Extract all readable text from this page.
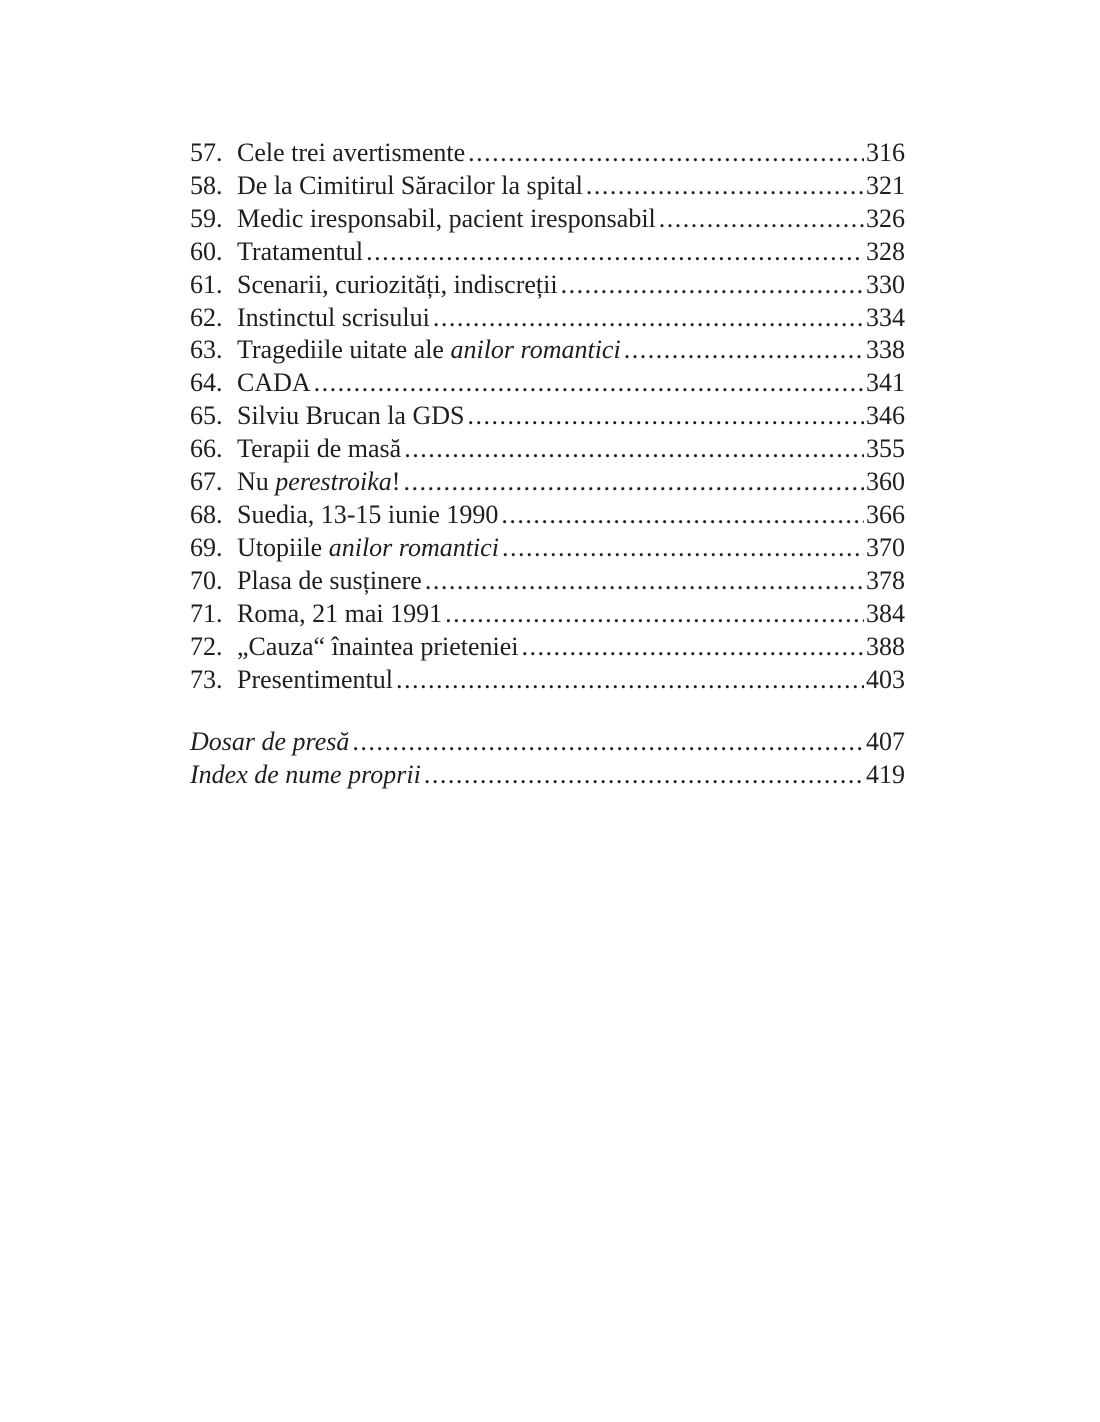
57. Cele trei avertismente .....	316
58. De la Cimitirul Săracilor la spital .....	321
59. Medic iresponsabil, pacient iresponsabil .....	326
60. Tratamentul .....	328
61. Scenarii, curiozități, indiscreții .....	330
62. Instinctul scrisului .....	334
63. Tragediile uitate ale anilor romantici .....	338
64. CADA .....	341
65. Silviu Brucan la GDS .....	346
66. Terapii de masă .....	355
67. Nu perestroika! .....	360
68. Suedia, 13-15 iunie 1990 .....	366
69. Utopiile anilor romantici .....	370
70. Plasa de susținere .....	378
71. Roma, 21 mai 1991 .....	384
72. „Cauza“ înaintea prieteniei .....	388
73. Presentimentul .....	403
Dosar de presă .....	407
Index de nume proprii .....	419
